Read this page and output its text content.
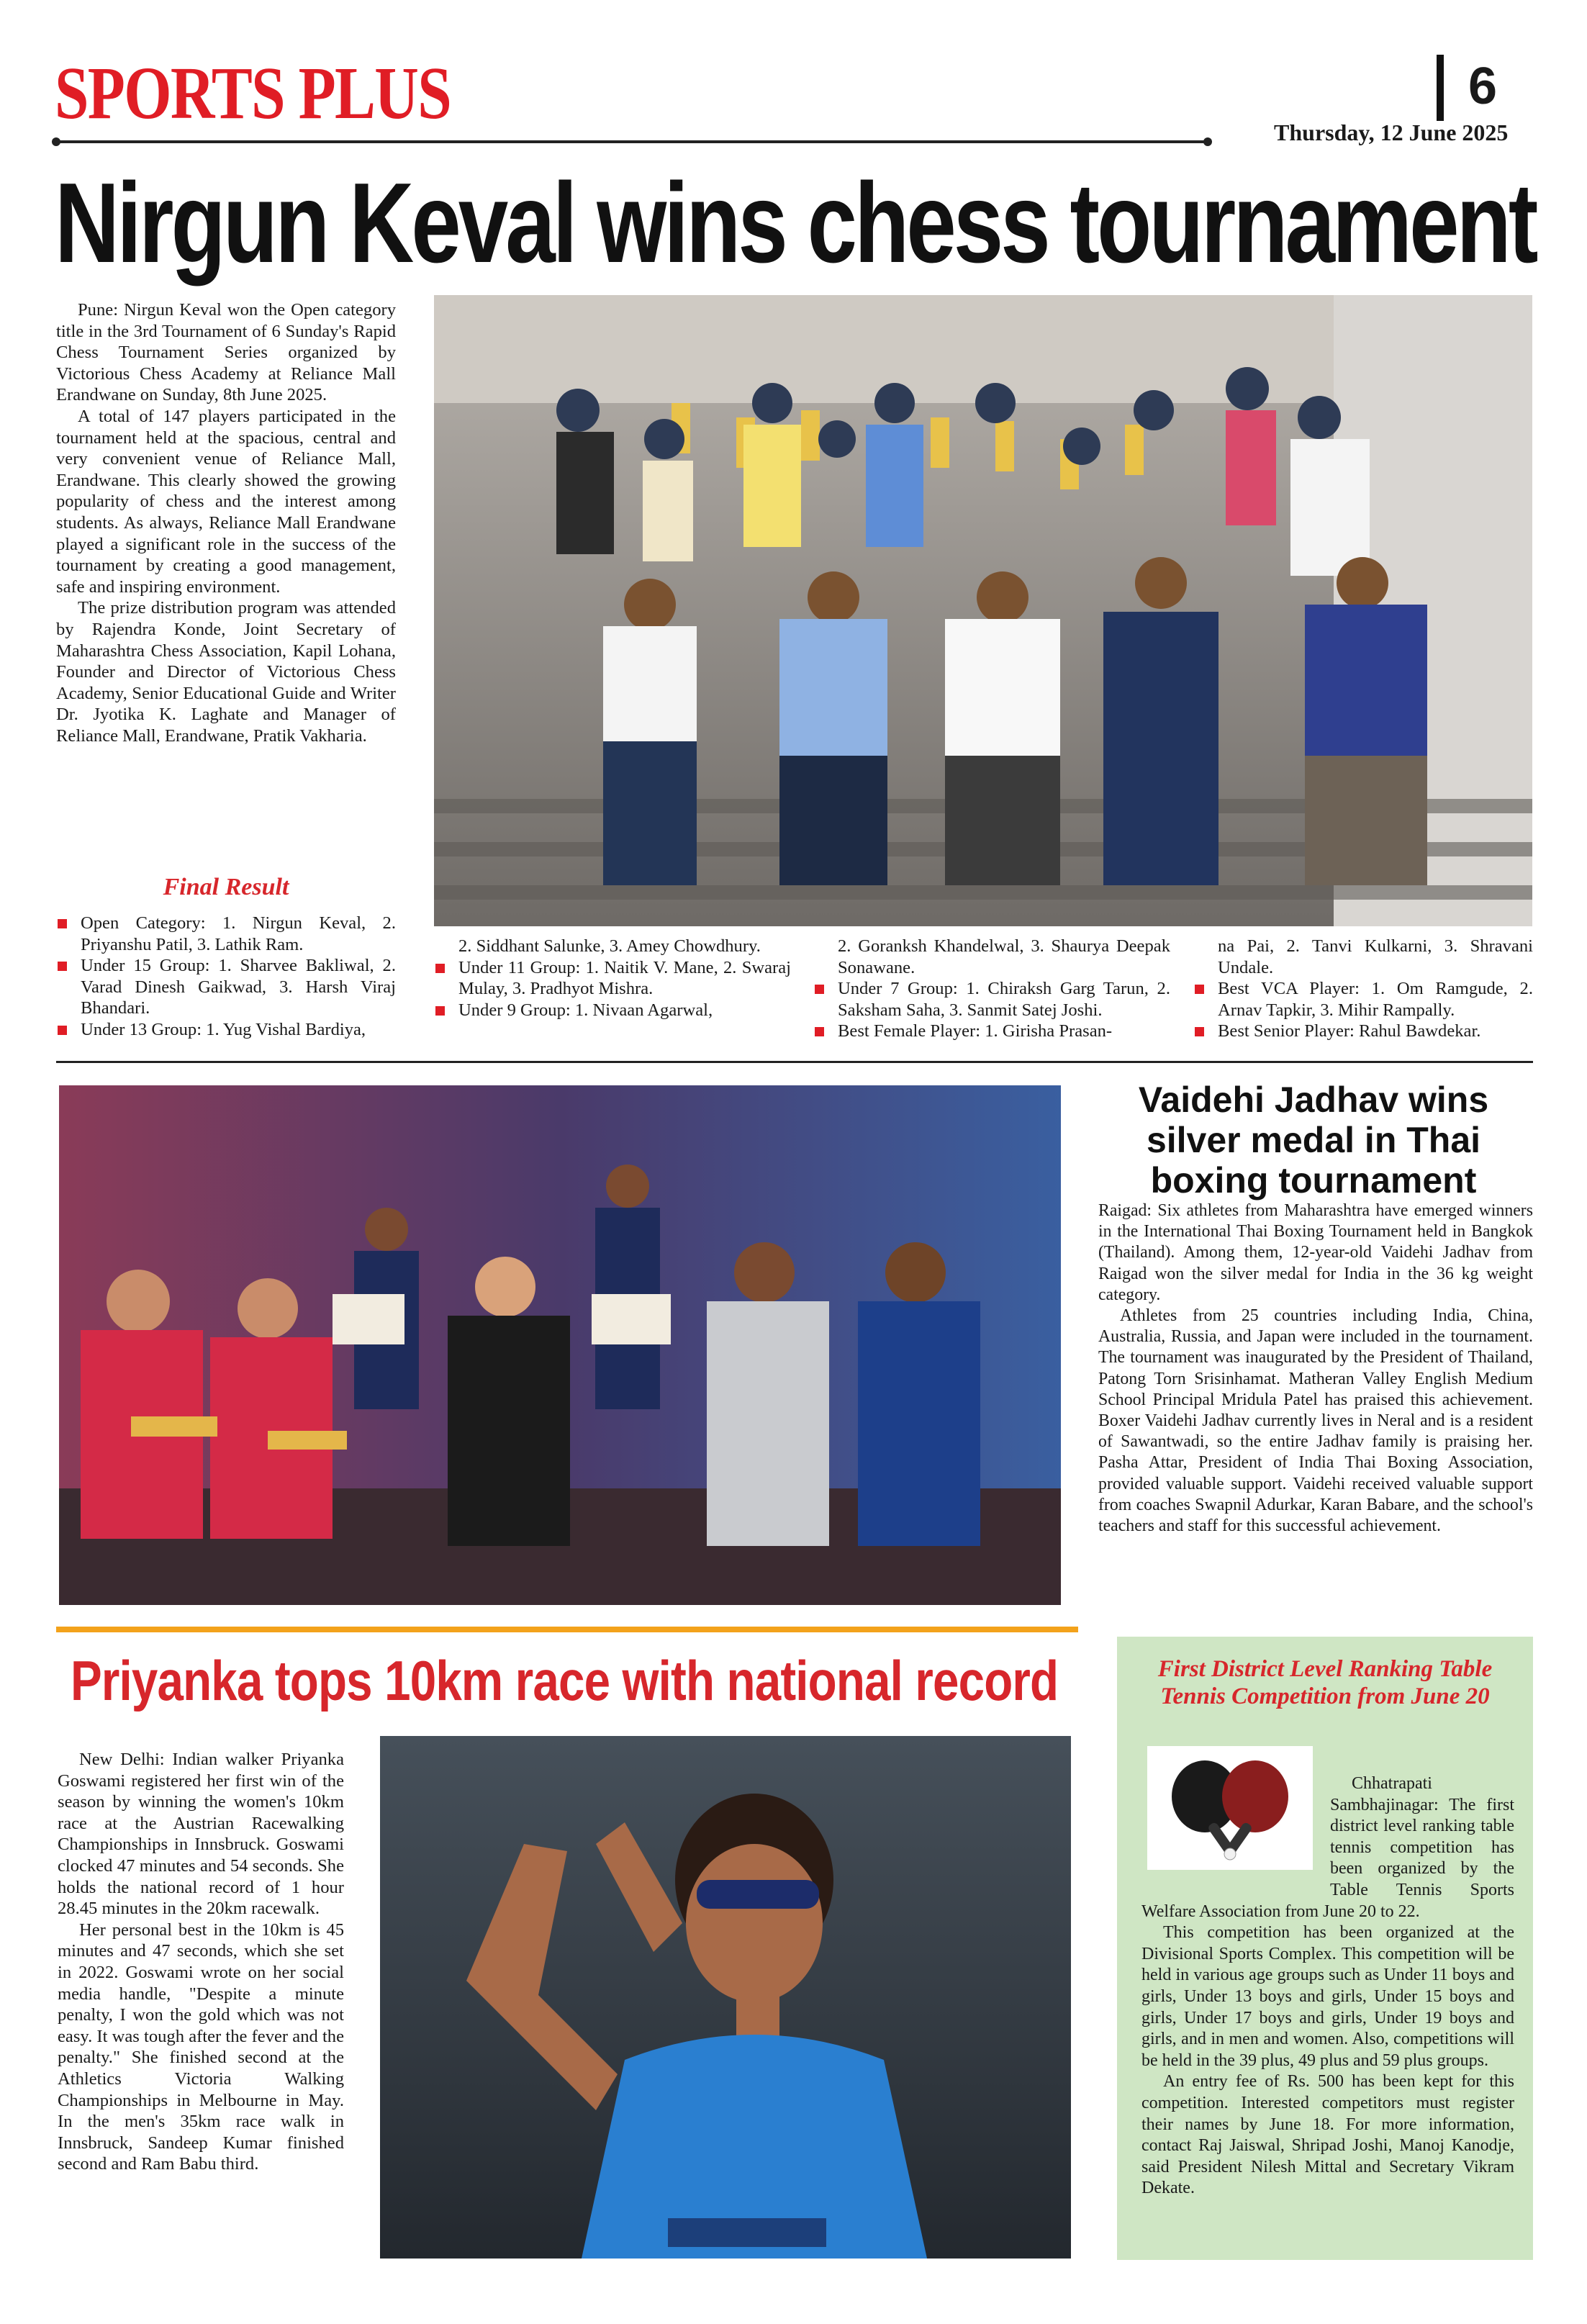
SPORTS PLUS	6
Thursday, 12 June 2025
Nirgun Keval wins chess tournament

Pune: Nirgun Keval won the Open category title in the 3rd Tournament of 6 Sunday's Rapid Chess Tournament Series organized by Victorious Chess Academy at Reliance Mall Erandwane on Sunday, 8th June 2025.

A total of 147 players participated in the tournament held at the spacious, central and very convenient venue of Reliance Mall, Erandwane. This clearly showed the growing popularity of chess and the interest among students. As always, Reliance Mall Erandwane played a significant role in the success of the tournament by creating a good management, safe and inspiring environment.

The prize distribution program was attended by Rajendra Konde, Joint Secretary of Maharashtra Chess Association, Kapil Lohana, Founder and Director of Victorious Chess Academy, Senior Educational Guide and Writer Dr. Jyotika K. Laghate and Manager of Reliance Mall, Erandwane, Pratik Vakharia.

Final Result
Open Category: 1. Nirgun Keval, 2. Priyanshu Patil, 3. Lathik Ram.
Under 15 Group: 1. Sharvee Bakliwal, 2. Varad Dinesh Gaikwad, 3. Harsh Viraj Bhandari.
Under 13 Group: 1. Yug Vishal Bardiya,
2. Siddhant Salunke, 3. Amey Chowdhury.
Under 11 Group: 1. Naitik V. Mane, 2. Swaraj Mulay, 3. Pradhyot Mishra.
Under 9 Group: 1. Nivaan Agarwal,
2. Goranksh Khandelwal, 3. Shaurya Deepak Sonawane.
Under 7 Group: 1. Chiraksh Garg Tarun, 2. Saksham Saha, 3. Sanmit Satej Joshi.
Best Female Player: 1. Girisha Prasan-
na Pai, 2. Tanvi Kulkarni, 3. Shravani Undale.
Best VCA Player: 1. Om Ramgude, 2. Arnav Tapkir, 3. Mihir Rampally.
Best Senior Player: Rahul Bawdekar.
Vaidehi Jadhav wins silver medal in Thai boxing tournament

Raigad: Six athletes from Maharashtra have emerged winners in the International Thai Boxing Tournament held in Bangkok (Thailand). Among them, 12-year-old Vaidehi Jadhav from Raigad won the silver medal for India in the 36 kg weight category.

Athletes from 25 countries including India, China, Australia, Russia, and Japan were included in the tournament. The tournament was inaugurated by the President of Thailand, Patong Torn Srisinhamat. Matheran Valley English Medium School Principal Mridula Patel has praised this achievement. Boxer Vaidehi Jadhav currently lives in Neral and is a resident of Sawantwadi, so the entire Jadhav family is praising her. Pasha Attar, President of India Thai Boxing Association, provided valuable support. Vaidehi received valuable support from coaches Swapnil Adurkar, Karan Babare, and the school's teachers and staff for this successful achievement.

Priyanka tops 10km race with national record

New Delhi: Indian walker Priyanka Goswami registered her first win of the season by winning the women's 10km race at the Austrian Racewalking Championships in Innsbruck. Goswami clocked 47 minutes and 54 seconds. She holds the national record of 1 hour 28.45 minutes in the 20km racewalk.

Her personal best in the 10km is 45 minutes and 47 seconds, which she set in 2022. Goswami wrote on her social media handle, "Despite a minute penalty, I won the gold which was not easy. It was tough after the fever and the penalty." She finished second at the Athletics Victoria Walking Championships in Melbourne in May. In the men's 35km race walk in Innsbruck, Sandeep Kumar finished second and Ram Babu third.

First District Level Ranking Table Tennis Competition from June 20

Chhatrapati Sambhajinagar: The first district level ranking table tennis competition has been organized by the Table Tennis Sports Welfare Association from June 20 to 22.

This competition has been organized at the Divisional Sports Complex. This competition will be held in various age groups such as Under 11 boys and girls, Under 13 boys and girls, Under 15 boys and girls, Under 17 boys and girls, Under 19 boys and girls, and in men and women. Also, competitions will be held in the 39 plus, 49 plus and 59 plus groups.

An entry fee of Rs. 500 has been kept for this competition. Interested competitors must register their names by June 18. For more information, contact Raj Jaiswal, Shripad Joshi, Manoj Kanodje, said President Nilesh Mittal and Secretary Vikram Dekate.
